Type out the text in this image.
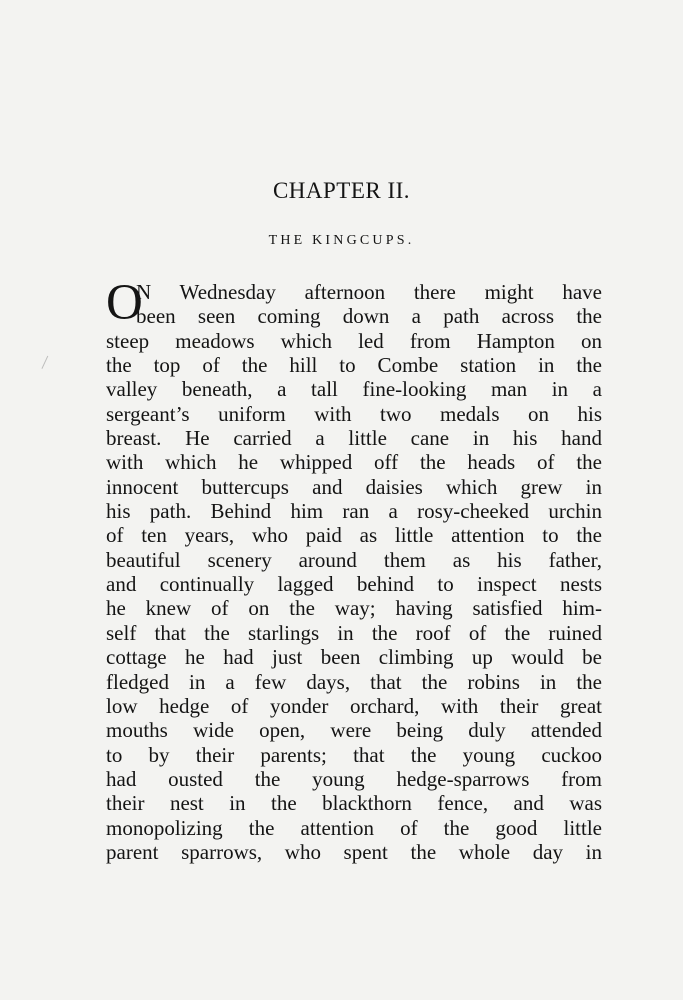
CHAPTER II.
THE KINGCUPS.
O
N Wednesday afternoon there might have
been seen coming down a path across the
steep meadows which led from Hampton on
the top of the hill to Combe station in the
valley beneath, a tall fine-looking man in a
sergeant’s uniform with two medals on his
breast. He carried a little cane in his hand
with which he whipped off the heads of the
innocent buttercups and daisies which grew in
his path. Behind him ran a rosy-cheeked urchin
of ten years, who paid as little attention to the
beautiful scenery around them as his father,
and continually lagged behind to inspect nests
he knew of on the way; having satisfied him-
self that the starlings in the roof of the ruined
cottage he had just been climbing up would be
fledged in a few days, that the robins in the
low hedge of yonder orchard, with their great
mouths wide open, were being duly attended
to by their parents; that the young cuckoo
had ousted the young hedge-sparrows from
their nest in the blackthorn fence, and was
monopolizing the attention of the good little
parent sparrows, who spent the whole day in
